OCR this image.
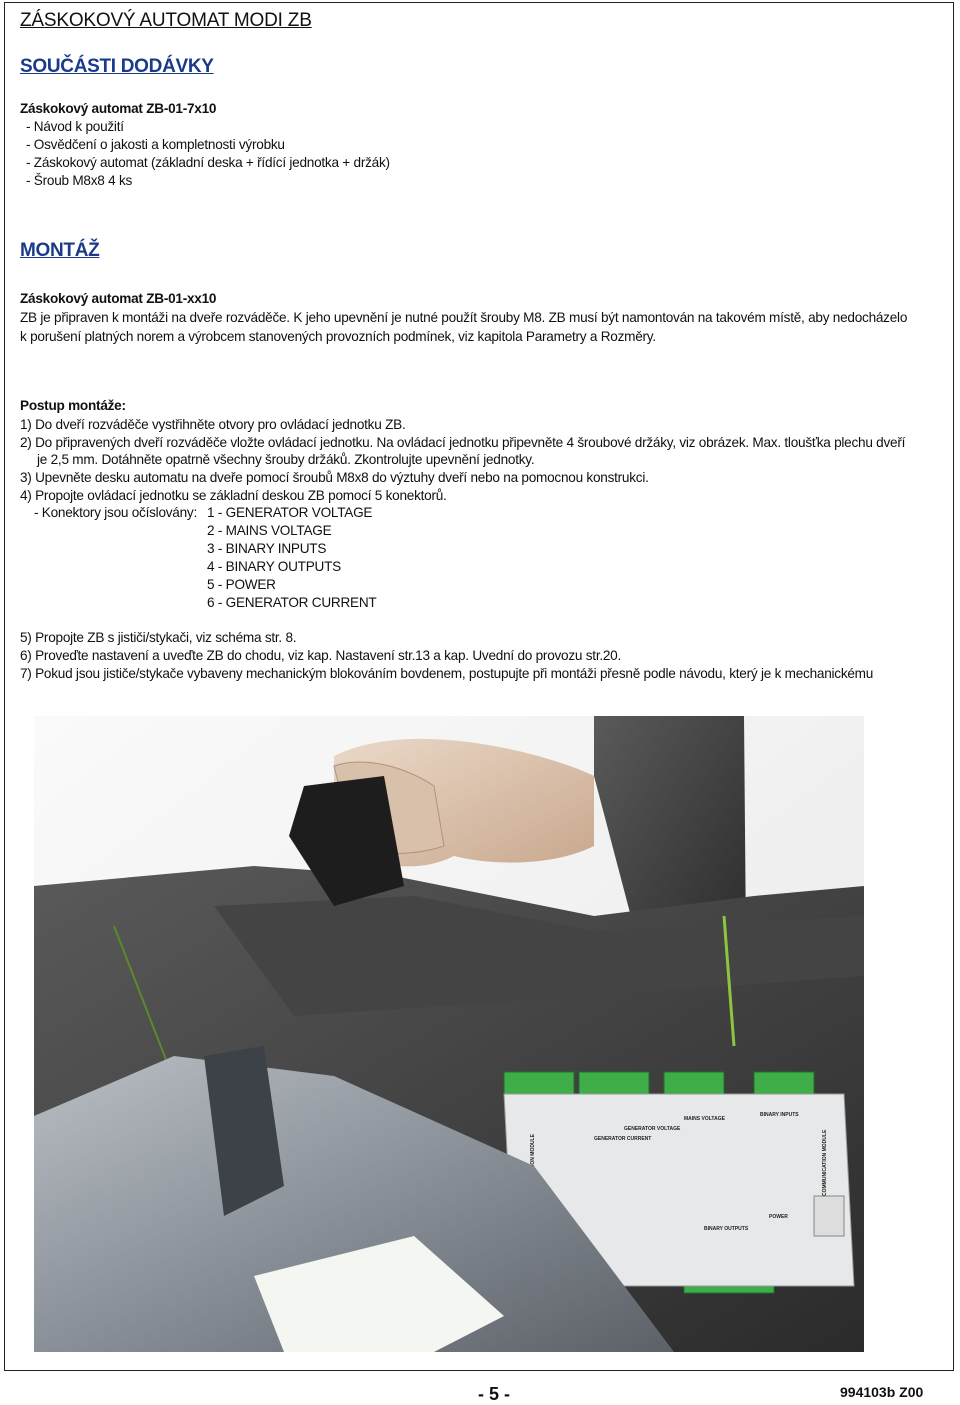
ZÁSKOKOVÝ AUTOMAT MODI ZB
SOUČÁSTI DODÁVKY
Záskokový automat ZB-01-7x10
- Návod k použití
- Osvědčení o jakosti a kompletnosti výrobku
- Záskokový automat (základní deska + řídící jednotka + držák)
- Šroub M8x8 4 ks
MONTÁŽ
Záskokový automat ZB-01-xx10
ZB je připraven k montáži na dveře rozváděče. K jeho upevnění je nutné použít šrouby M8. ZB musí být namontován na takovém místě, aby nedocházelo
k porušení platných norem a výrobcem stanovených provozních podmínek, viz kapitola Parametry a Rozměry.
Postup montáže:
1) Do dveří rozváděče vystřihněte otvory pro ovládací jednotku ZB.
2) Do připravených dveří rozváděče vložte ovládací jednotku. Na ovládací jednotku připevněte 4 šroubové držáky, viz obrázek. Max. tloušťka plechu dveří
je 2,5 mm. Dotáhněte opatrně všechny šrouby držáků. Zkontrolujte upevnění jednotky.
3) Upevněte desku automatu na dveře pomocí šroubů M8x8 do výztuhy dveří nebo na pomocnou konstrukci.
4) Propojte ovládací jednotku se základní deskou ZB pomocí 5 konektorů.
- Konektory jsou očíslovány: 1 - GENERATOR VOLTAGE
2 - MAINS VOLTAGE
3 - BINARY INPUTS
4 - BINARY OUTPUTS
5 - POWER
6 - GENERATOR CURRENT
5) Propojte ZB s jističi/stykači, viz schéma str. 8.
6) Proveďte nastavení a uveďte ZB do chodu, viz kap. Nastavení str.13 a kap. Uvední do provozu str.20.
7) Pokud jsou jističe/stykače vybaveny mechanickým blokováním bovdenem, postupujte při montáži přesně podle návodu, který je k mechanickému
GENERATOR CURRENT
GENERATOR VOLTAGE
MAINS VOLTAGE
BINARY INPUTS
BINARY OUTPUTS
POWER
EXTENSION MODULE	COMMUNICATION MODULE
- 5 -	994103b Z00
